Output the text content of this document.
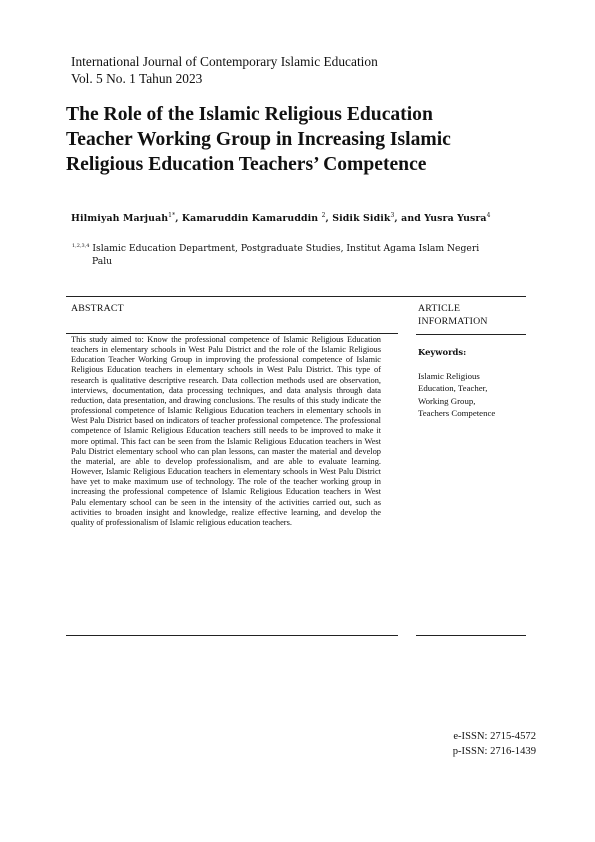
International Journal of Contemporary Islamic Education
Vol. 5 No. 1 Tahun 2023
The Role of the Islamic Religious Education
Teacher Working Group in Increasing Islamic
Religious Education Teachers’ Competence
Hilmiyah Marjuah$^{1*}$, Kamaruddin Kamaruddin $^2$, Sidik Sidik$^3$, and Yusra Yusra$^4$
$^{1,2,3,4}$ Islamic Education Department, Postgraduate Studies, Institut Agama Islam Negeri
Palu
ABSTRACT	ARTICLE
INFORMATION
This study aimed to: Know the professional competence of Islamic Religious Education teachers in elementary schools in West Palu District and the role of the Islamic Religious Education Teacher Working Group in improving the professional competence of Islamic Religious Education teachers in elementary schools in West Palu District. This type of research is qualitative descriptive research. Data collection methods used are observation, interviews, documentation, data processing techniques, and data analysis through data reduction, data presentation, and drawing conclusions. The results of this study indicate the professional competence of Islamic Religious Education teachers in elementary schools in West Palu District based on indicators of teacher professional competence. The professional competence of Islamic Religious Education teachers still needs to be improved to make it more optimal. This fact can be seen from the Islamic Religious Education teachers in West Palu District elementary school who can plan lessons, can master the material and develop the material, are able to develop professionalism, and are able to evaluate learning. However, Islamic Religious Education teachers in elementary schools in West Palu District have yet to make maximum use of technology. The role of the teacher working group in increasing the professional competence of Islamic Religious Education teachers in West Palu elementary school can be seen in the intensity of the activities carried out, such as activities to broaden insight and knowledge, realize effective learning, and develop the quality of professionalism of Islamic religious education teachers.
Keywords:
Islamic Religious
Education, Teacher,
Working Group,
Teachers Competence
e-ISSN: 2715-4572
p-ISSN: 2716-1439
